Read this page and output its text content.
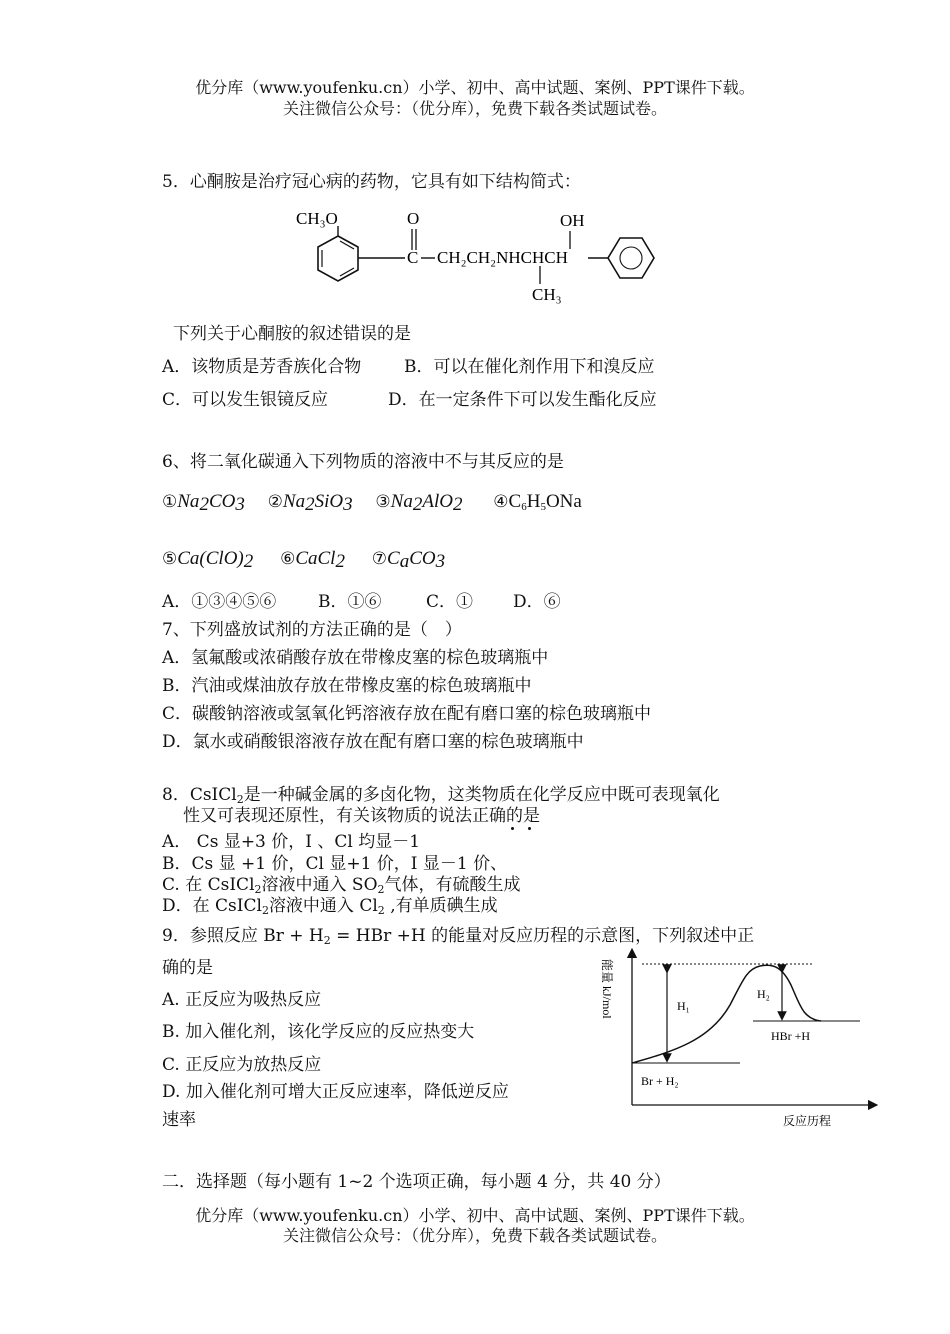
优分库（www.youfenku.cn）小学、初中、高中试题、案例、PPT课件下载。
关注微信公众号：（优分库），免费下载各类试题试卷。
5．心酮胺是治疗冠心病的药物，它具有如下结构简式：
CH₃O	O
C CH₂CH₂NHCHCH
OH
CH₃
下列关于心酮胺的叙述错误的是
A．该物质是芳香族化合物	B．可以在催化剂作用下和溴反应
C．可以发生银镜反应	D．在一定条件下可以发生酯化反应
6、将二氧化碳通入下列物质的溶液中不与其反应的是
$①Na_2CO_3$ $②Na_2SiO_3$ $③Na_2AlO_2$ $④C_6H_5ONa$
$⑤Ca(ClO)_2$ ⑥CaCl$_2$ $⑦C_aCO_3$
A．①③④⑤⑥ B．①⑥	C．① D．⑥
7、下列盛放试剂的方法正确的是（　）
A．氢氟酸或浓硝酸存放在带橡皮塞的棕色玻璃瓶中
B．汽油或煤油放存放在带橡皮塞的棕色玻璃瓶中
C．碳酸钠溶液或氢氧化钙溶液存放在配有磨口塞的棕色玻璃瓶中
D．氯水或硝酸银溶液存放在配有磨口塞的棕色玻璃瓶中
8．CsICl$_2$是一种碱金属的多卤化物，这类物质在化学反应中既可表现氧化
性又可表现还原性，有关该物质的说法正确的是
A． Cs 显+3 价，I 、Cl 均显－1
B．Cs 显 +1 价，Cl 显+1 价，I 显－1 价、
C. 在 CsICl$_2$溶液中通入 $SO_2$气体，有硫酸生成
D．在 CsICl$_2$溶液中通入 $Cl_2$ ,有单质碘生成
9．参照反应 $Br + H_2$ = HBr +H 的能量对反应历程的示意图，下列叙述中正
确的是
A. 正反应为吸热反应
B. 加入催化剂，该化学反应的反应热变大
C. 正反应为放热反应
D. 加入催化剂可增大正反应速率，降低逆反应
速率
能量 kJ/mol
反应历程
H₁
H₂
Br + H₂
HBr +H
二．选择题（每小题有 1~2 个选项正确，每小题 4 分，共 40 分）
优分库（www.youfenku.cn）小学、初中、高中试题、案例、PPT课件下载。
关注微信公众号：（优分库），免费下载各类试题试卷。
